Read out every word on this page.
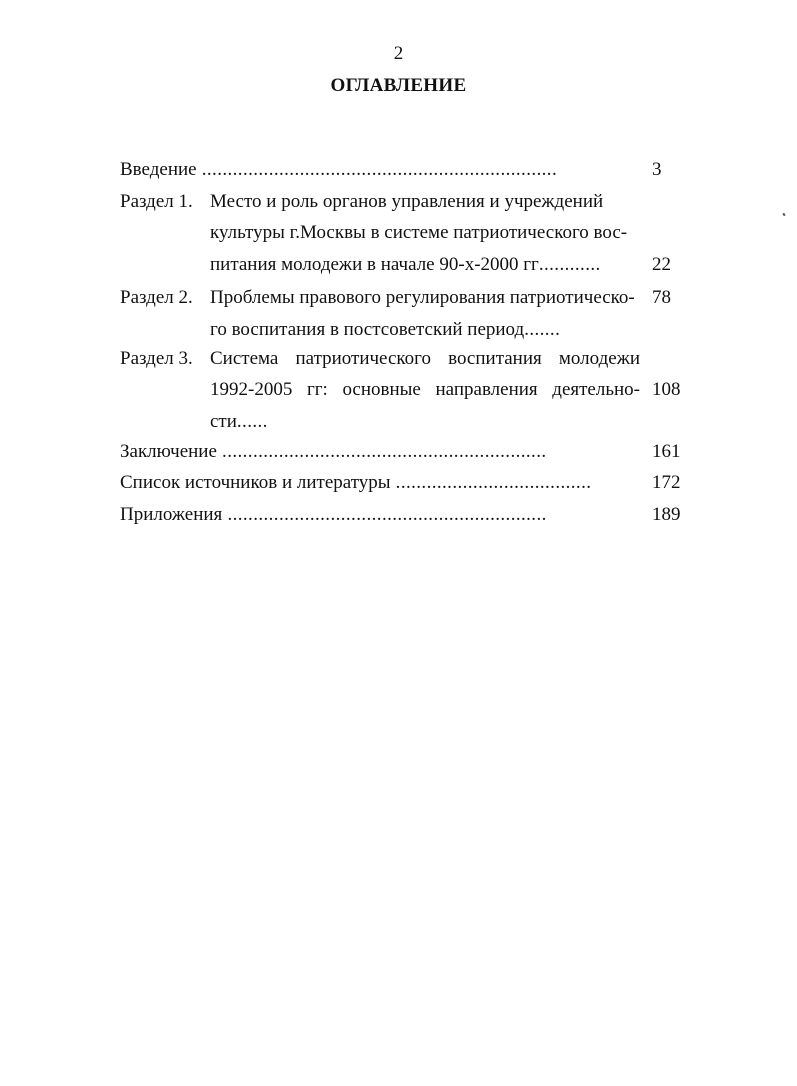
2
ОГЛАВЛЕНИЕ
Введение .....................................................................	3
Раздел 1. Место и роль органов управления и учреждений
культуры г.Москвы в системе патриотического вос-
питания молодежи в начале 90-х-2000 гг............	22
Раздел 2. Проблемы правового регулирования патриотическо- 78
го воспитания в постсоветский период.......
Раздел 3. Система патриотического воспитания молодежи
1992-2005 гг: основные направления деятельно- 108
сти......
Заключение ...............................................................	161
Список источников и литературы ......................................	172
Приложения ..............................................................	189
